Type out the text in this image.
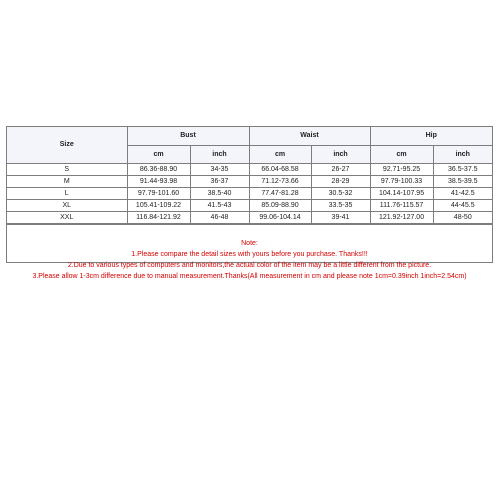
Size	Bust		Waist		Hip	
	cm	inch	cm	inch	cm	inch
S	86.36-88.90	34-35	66.04-68.58	26-27	92.71-95.25	36.5-37.5
M	91.44-93.98	36-37	71.12-73.66	28-29	97.79-100.33	38.5-39.5
L	97.79-101.60	38.5-40	77.47-81.28	30.5-32	104.14-107.95	41-42.5
XL	105.41-109.22	41.5-43	85.09-88.90	33.5-35	111.76-115.57	44-45.5
XXL	116.84-121.92	46-48	99.06-104.14	39-41	121.92-127.00	48-50
Note:
1.Please compare the detail sizes with yours before you purchase. Thanks!!!
2.Due to various types of computers and monitors,the actual color of the item may be a little different from the picture.
3.Please allow 1-3cm difference due to manual measurement.Thanks(All measurement in cm and please note 1cm=0.39inch 1inch=2.54cm)
